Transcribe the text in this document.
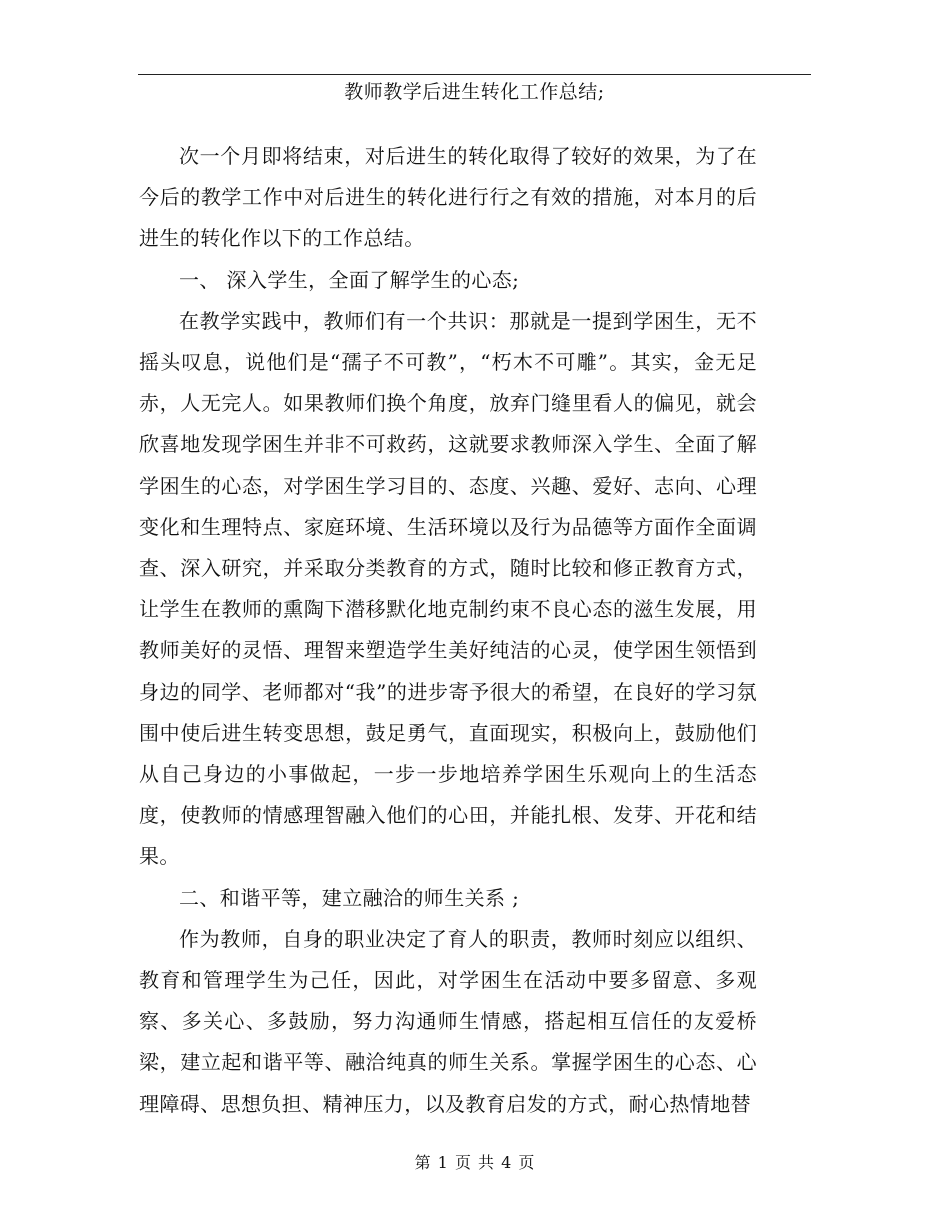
教师教学后进生转化工作总结;

次一个月即将结束，对后进生的转化取得了较好的效果，为了在今后的教学工作中对后进生的转化进行行之有效的措施，对本月的后进生的转化作以下的工作总结。

一、 深入学生，全面了解学生的心态;

在教学实践中，教师们有一个共识：那就是一提到学困生，无不摇头叹息，说他们是“孺子不可教”，“朽木不可雕”。其实，金无足赤，人无完人。如果教师们换个角度，放弃门缝里看人的偏见，就会欣喜地发现学困生并非不可救药，这就要求教师深入学生、全面了解学困生的心态，对学困生学习目的、态度、兴趣、爱好、志向、心理变化和生理特点、家庭环境、生活环境以及行为品德等方面作全面调查、深入研究，并采取分类教育的方式，随时比较和修正教育方式，让学生在教师的熏陶下潜移默化地克制约束不良心态的滋生发展，用教师美好的灵悟、理智来塑造学生美好纯洁的心灵，使学困生领悟到身边的同学、老师都对“我”的进步寄予很大的希望，在良好的学习氛围中使后进生转变思想，鼓足勇气，直面现实，积极向上，鼓励他们从自己身边的小事做起，一步一步地培养学困生乐观向上的生活态度，使教师的情感理智融入他们的心田，并能扎根、发芽、开花和结果。

二、和谐平等，建立融洽的师生关系 ;

作为教师，自身的职业决定了育人的职责，教师时刻应以组织、教育和管理学生为己任，因此，对学困生在活动中要多留意、多观察、多关心、多鼓励，努力沟通师生情感，搭起相互信任的友爱桥梁，建立起和谐平等、融洽纯真的师生关系。掌握学困生的心态、心理障碍、思想负担、精神压力，以及教育启发的方式，耐心热情地替

第 1 页 共 4 页
